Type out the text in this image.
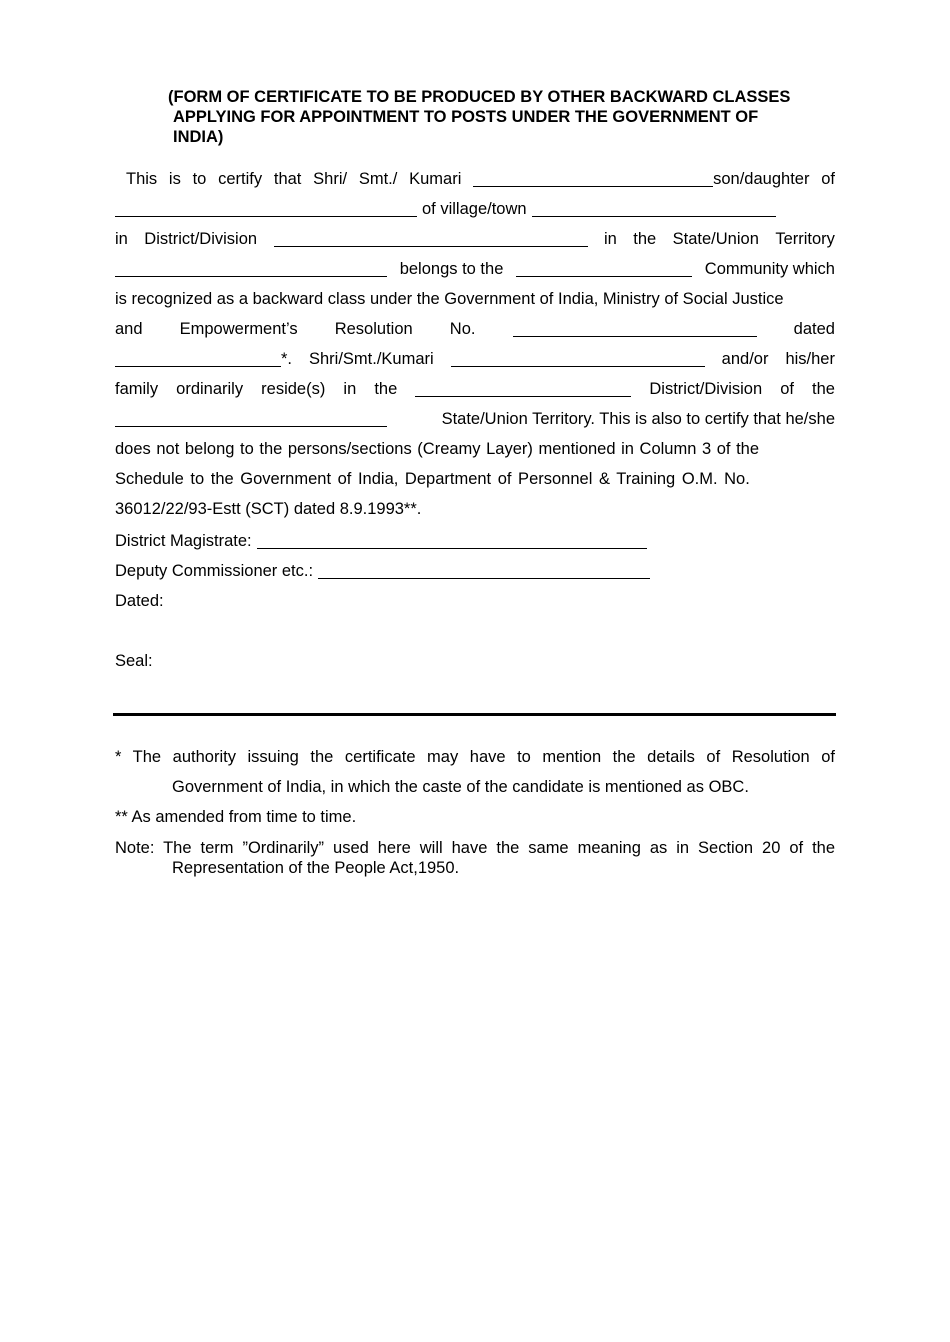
(FORM OF CERTIFICATE TO BE PRODUCED BY OTHER BACKWARD CLASSES
APPLYING FOR APPOINTMENT TO POSTS UNDER THE GOVERNMENT OF
INDIA)
This is to certify that Shri/ Smt./ Kumari	son/daughter of
of village/town
in District/Division	in the State/Union Territory
belongs to the	Community which
is recognized as a backward class under the Government of India, Ministry of Social Justice
and Empowerment’s Resolution No.	dated
*. Shri/Smt./Kumari	and/or his/her
family ordinarily reside(s) in the	District/Division of the
State/Union Territory. This is also to certify that he/she
does not belong to the persons/sections (Creamy Layer) mentioned in Column 3 of the
Schedule to the Government of India, Department of Personnel & Training O.M. No.
36012/22/93-Estt (SCT) dated 8.9.1993**.
District Magistrate:
Deputy Commissioner etc.:
Dated:
Seal:
* The authority issuing the certificate may have to mention the details of Resolution of
Government of India, in which the caste of the candidate is mentioned as OBC.
** As amended from time to time.
Note: The term ”Ordinarily” used here will have the same meaning as in Section 20 of the
Representation of the People Act,1950.
